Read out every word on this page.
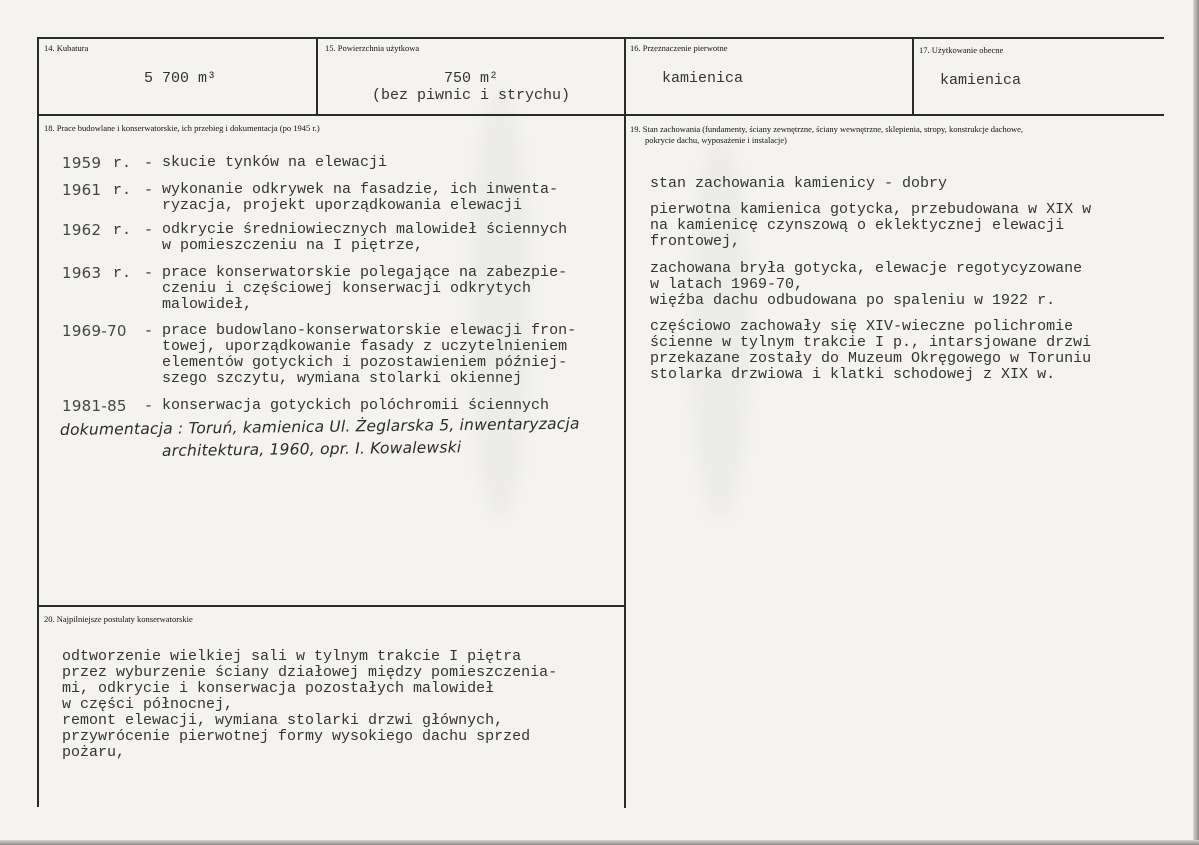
14. Kubatura
5 700 m³
15. Powierzchnia użytkowa
750 m²
(bez piwnic i strychu)
16. Przeznaczenie pierwotne
kamienica
17. Użytkowanie obecne
kamienica
18. Prace budowlane i konserwatorskie, ich przebieg i dokumentacja (po 1945 r.)
1959 r. - skucie tynków na elewacji
1961 r. - wykonanie odkrywek na fasadzie, ich inwenta-
ryzacja, projekt uporządkowania elewacji
1962 r. - odkrycie średniowiecznych malowideł ściennych
w pomieszczeniu na I piętrze,
1963 r. - prace konserwatorskie polegające na zabezpie-
czeniu i częściowej konserwacji odkrytych
malowideł,
1969-70 - prace budowlano-konserwatorskie elewacji fron-
towej, uporządkowanie fasady z uczytelnieniem
elementów gotyckich i pozostawieniem później-
szego szczytu, wymiana stolarki okiennej
1981-85 - konserwacja gotyckich polóchromii ściennych
dokumentacja : Toruń, kamienica Ul. Żeglarska 5, inwentaryzacja
architektura, 1960, opr. I. Kowalewski
19. Stan zachowania (fundamenty, ściany zewnętrzne, ściany wewnętrzne, sklepienia, stropy, konstrukcje dachowe,
pokrycie dachu, wyposażenie i instalacje)
stan zachowania kamienicy - dobry
pierwotna kamienica gotycka, przebudowana w XIX w
na kamienicę czynszową o eklektycznej elewacji
frontowej,
zachowana bryła gotycka, elewacje regotycyzowane
w latach 1969-70,
więźba dachu odbudowana po spaleniu w 1922 r.
częściowo zachowały się XIV-wieczne polichromie
ścienne w tylnym trakcie I p., intarsjowane drzwi
przekazane zostały do Muzeum Okręgowego w Toruniu
stolarka drzwiowa i klatki schodowej z XIX w.
20. Najpilniejsze postulaty konserwatorskie
odtworzenie wielkiej sali w tylnym trakcie I piętra
przez wyburzenie ściany działowej między pomieszczenia-
mi, odkrycie i konserwacja pozostałych malowideł
w części północnej,
remont elewacji, wymiana stolarki drzwi głównych,
przywrócenie pierwotnej formy wysokiego dachu sprzed
pożaru,
